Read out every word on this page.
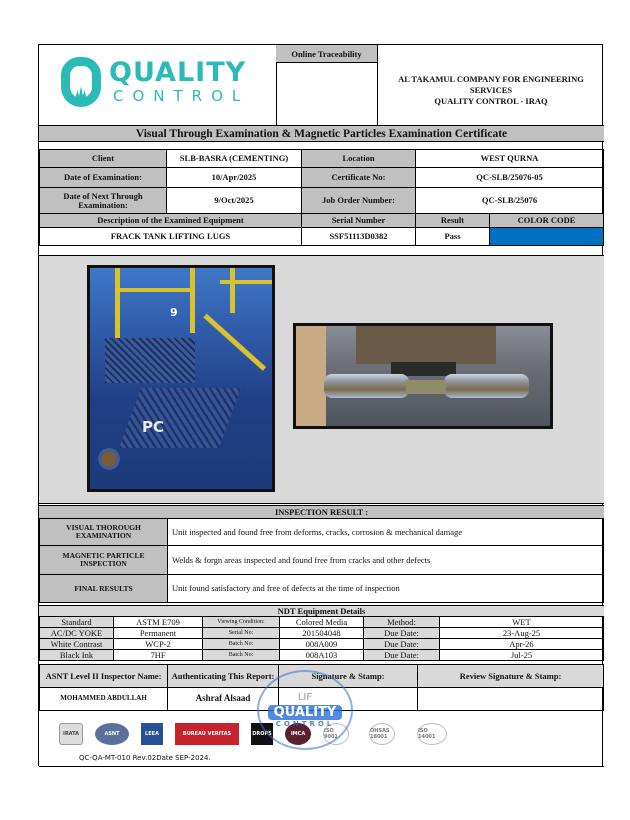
QUALITY
CONTROL
Online Traceability
AL TAKAMUL COMPANY FOR ENGINEERING
SERVICES
QUALITY CONTROL - IRAQ
Visual Through Examination & Magnetic Particles Examination Certificate
Client	SLB-BASRA (CEMENTING)	Location	WEST QURNA
Date of Examination:	10/Apr/2025	Certificate No:	QC-SLB/25076-05
Date of Next Through Examination:	9/Oct/2025	Job Order Number:	QC-SLB/25076
Description of the Examined Equipment	Serial Number	Result	COLOR CODE
FRACK TANK LIFTING LUGS	SSF51113D0382	Pass
9
PC
INSPECTION RESULT :
VISUAL THOROUGH EXAMINATION	Unit inspected and found free from deforms, cracks, corrosion & mechanical damage
MAGNETIC PARTICLE INSPECTION	Welds & forgn areas inspected and found free from cracks and other defects
FINAL RESULTS	Unit found satisfactory and free of defects at the time of inspection
NDT Equipment Details
Standard	ASTM E709	Viewing Condition:	Colored Media	Method:	WET
AC/DC YOKE	Permanent	Serial No:	201504048	Due Date:	23-Aug-25
White Contrast	WCP-2	Batch No:	008A009	Due Date:	Apr-26
Black Ink	7HF	Batch No:	008A103	Due Date:	Jul-25
ASNT Level II Inspector Name:	Authenticating This Report:	Signature & Stamp:	Review Signature & Stamp:
MOHAMMED ABDULLAH	Ashraf Alsaad
IRATA	ASNT	LEEA	BUREAU VERITAS	DROPS	IMCA	ISO 9001
OHSAS 18001
ISO 14001
LIF
QUALITY
CONTROL
QC-QA-MT-010 Rev.02Date SEP-2024.
